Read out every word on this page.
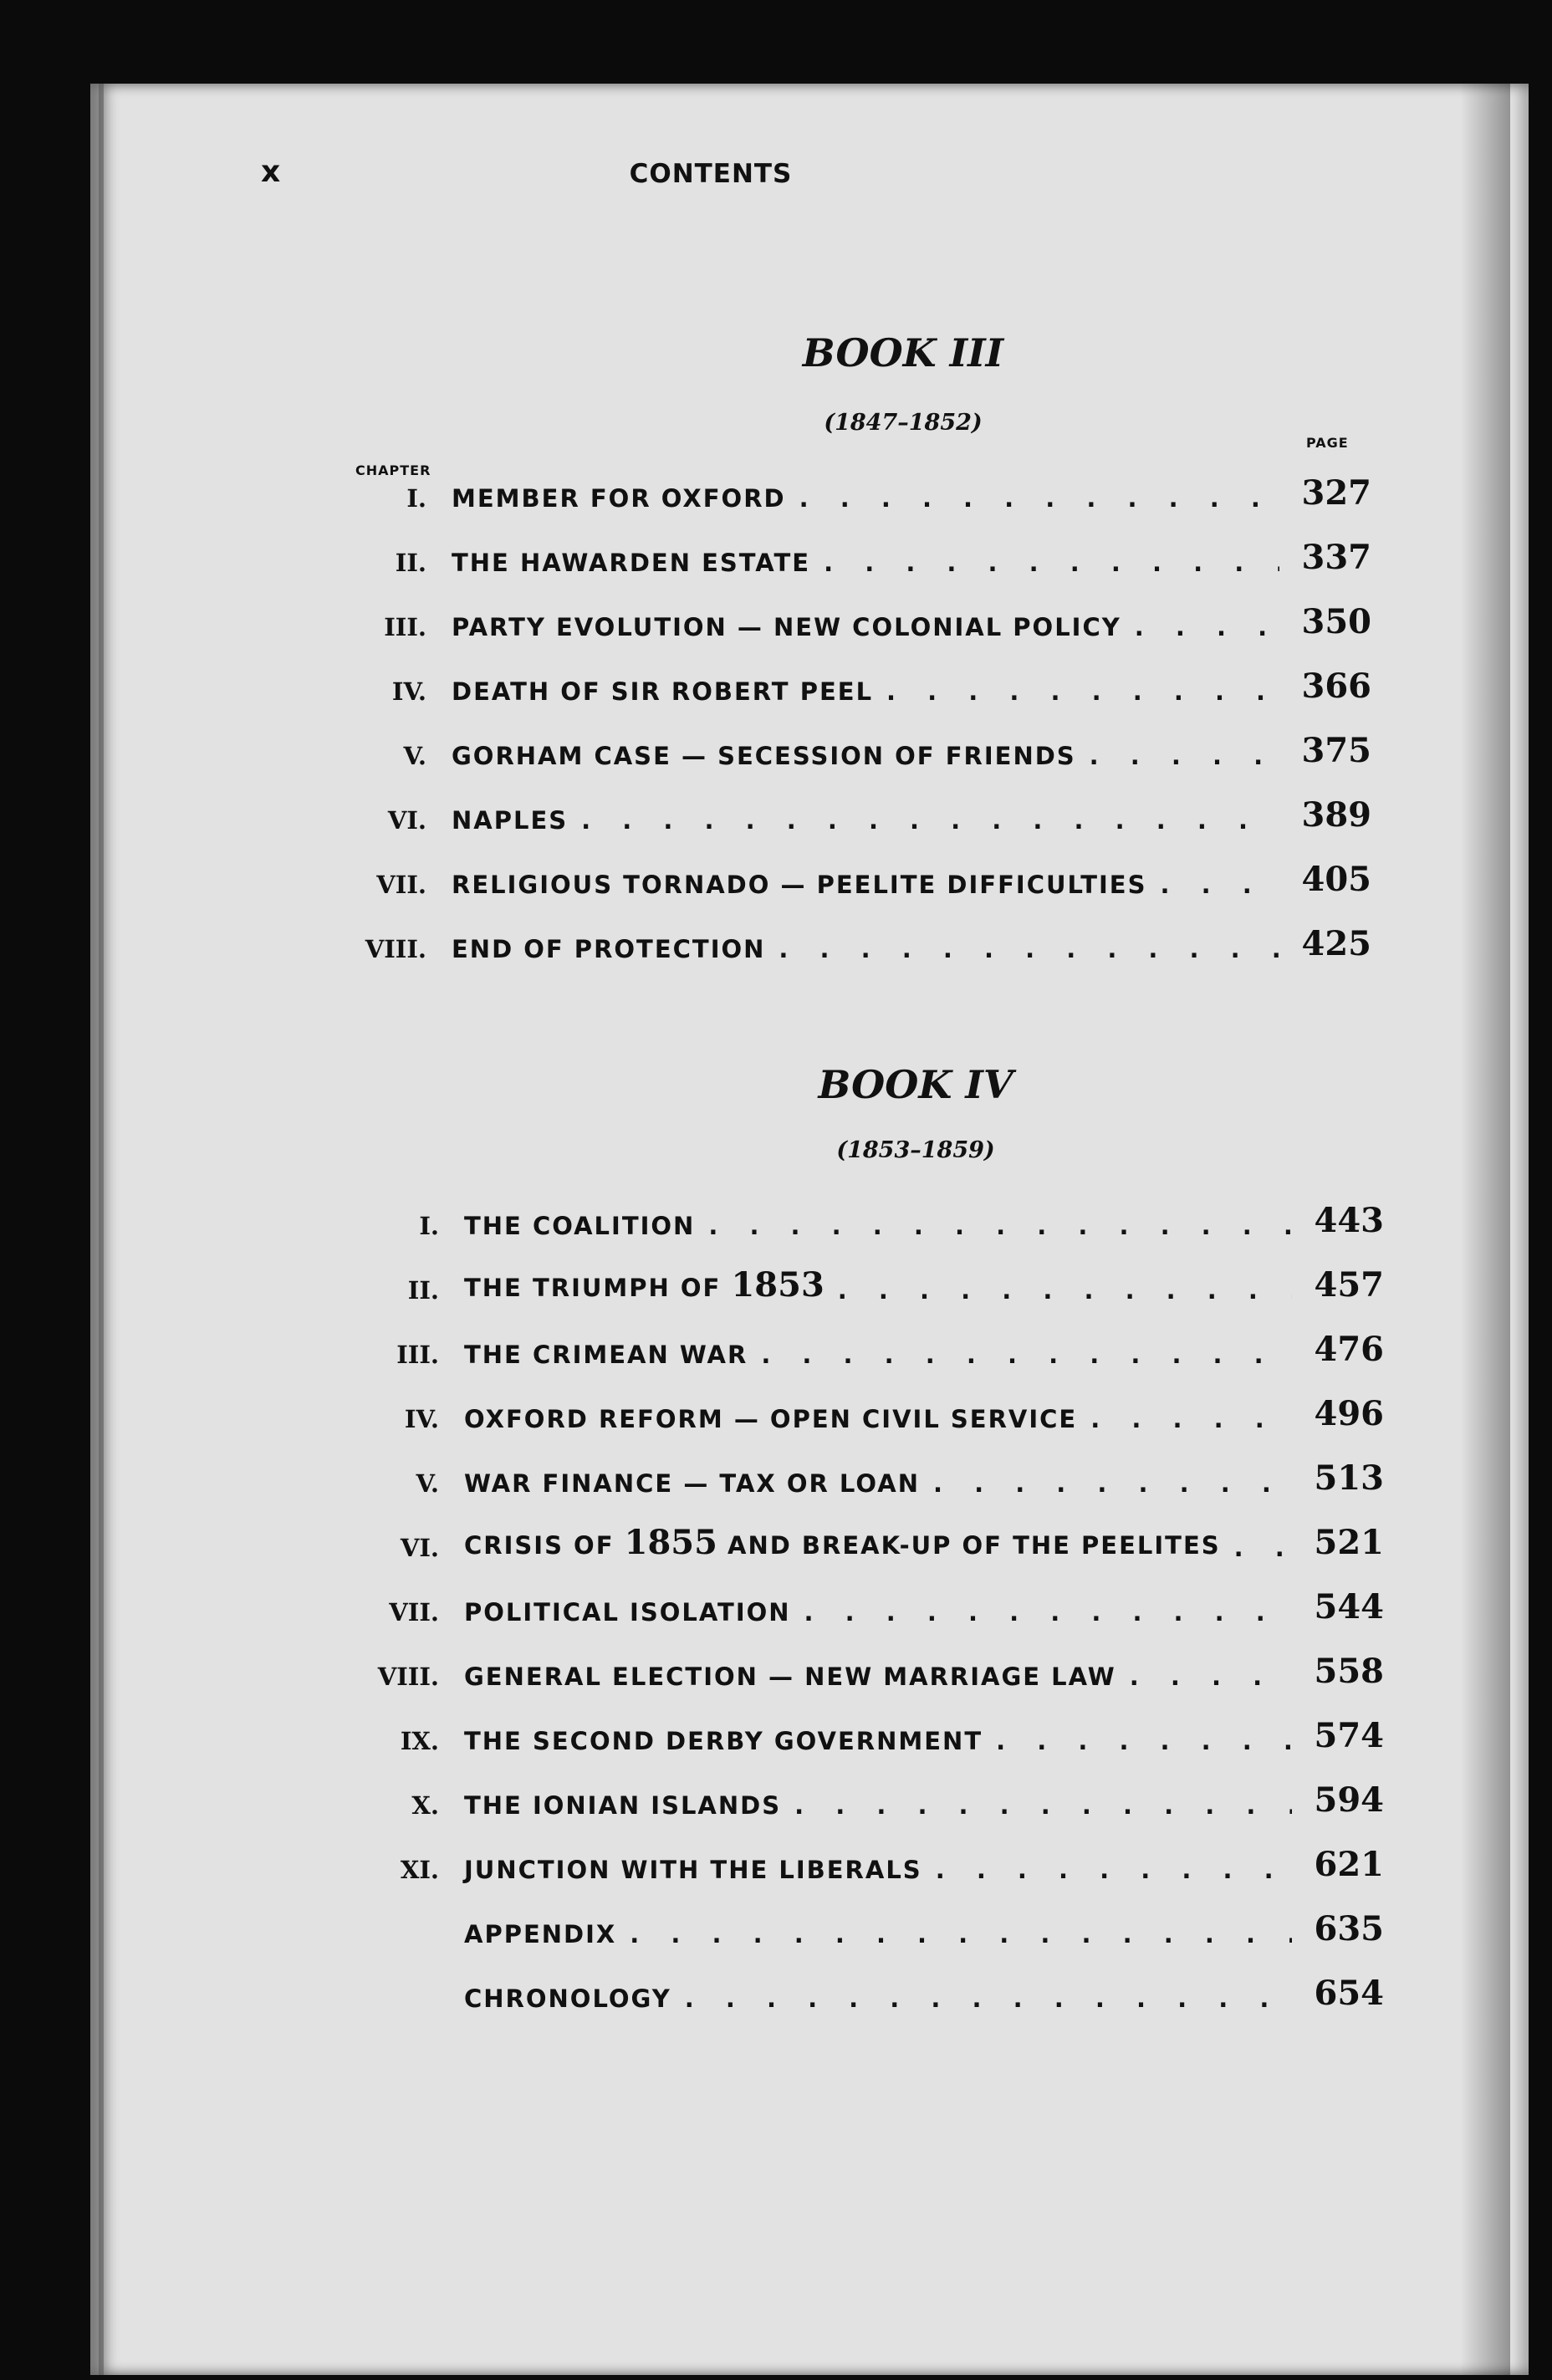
x	CONTENTS
BOOK III
(1847–1852)
CHAPTER
PAGE
I. MEMBER FOR OXFORD . . .	327
II. THE HAWARDEN ESTATE . . .	337
III. PARTY EVOLUTION — NEW COLONIAL POLICY . . .	350
IV. DEATH OF SIR ROBERT PEEL . . .	366
V. GORHAM CASE — SECESSION OF FRIENDS . . .	375
VI. NAPLES . . .	389
VII. RELIGIOUS TORNADO — PEELITE DIFFICULTIES . . .	405
VIII. END OF PROTECTION . . .	425
BOOK IV
(1853–1859)
I. THE COALITION . . .	443
II. THE TRIUMPH OF 1853 . . .	457
III. THE CRIMEAN WAR . . .	476
IV. OXFORD REFORM — OPEN CIVIL SERVICE . . .	496
V. WAR FINANCE — TAX OR LOAN . . .	513
VI. CRISIS OF 1855 AND BREAK-UP OF THE PEELITES . . .	521
VII. POLITICAL ISOLATION . . .	544
VIII. GENERAL ELECTION — NEW MARRIAGE LAW . . .	558
IX. THE SECOND DERBY GOVERNMENT . . .	574
X. THE IONIAN ISLANDS . . .	594
XI. JUNCTION WITH THE LIBERALS . . .	621
APPENDIX . . .	635
CHRONOLOGY . . .	654
